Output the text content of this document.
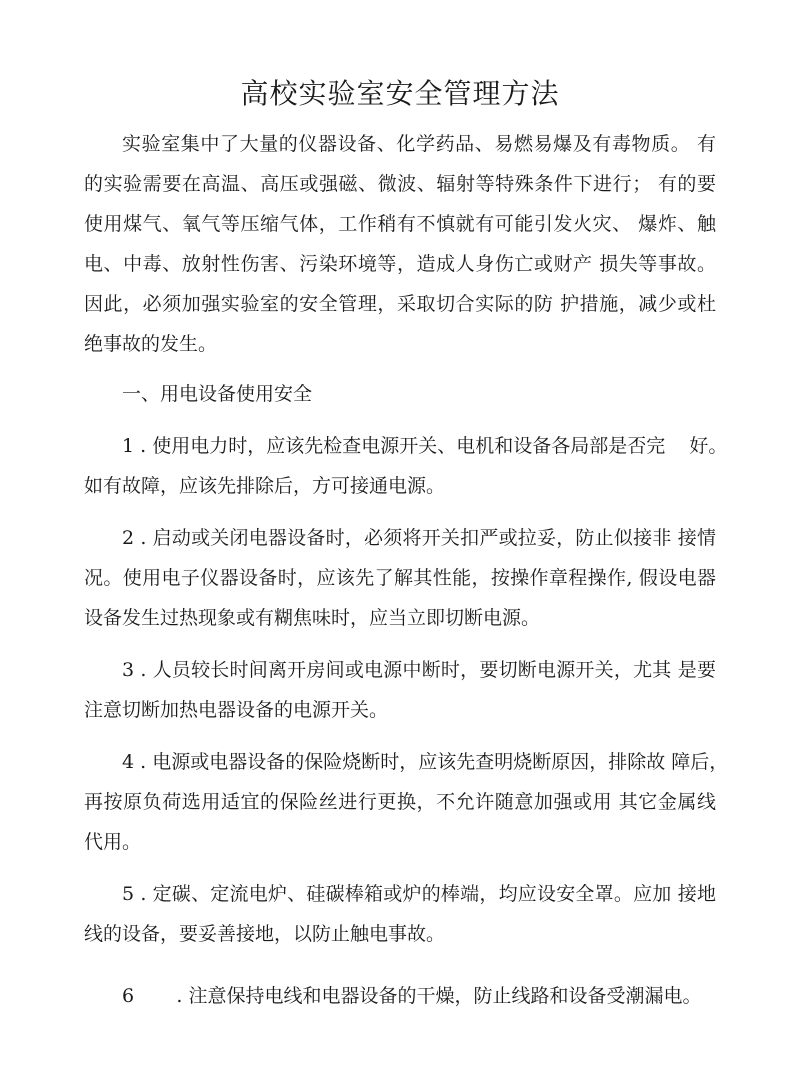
高校实验室安全管理方法
实验室集中了大量的仪器设备、化学药品、易燃易爆及有毒物质。 有
的实验需要在高温、高压或强磁、微波、辐射等特殊条件下进行； 有的要
使用煤气、氧气等压缩气体，工作稍有不慎就有可能引发火灾、 爆炸、触
电、中毒、放射性伤害、污染环境等，造成人身伤亡或财产 损失等事故。
因此，必须加强实验室的安全管理，采取切合实际的防 护措施，减少或杜
绝事故的发生。
一、用电设备使用安全
1 . 使用电力时，应该先检查电源开关、电机和设备各局部是否完    好。
如有故障，应该先排除后，方可接通电源。
2 . 启动或关闭电器设备时，必须将开关扣严或拉妥，防止似接非 接情
况。使用电子仪器设备时，应该先了解其性能，按操作章程操作, 假设电器
设备发生过热现象或有糊焦味时，应当立即切断电源。
3 . 人员较长时间离开房间或电源中断时，要切断电源开关，尤其 是要
注意切断加热电器设备的电源开关。
4 . 电源或电器设备的保险烧断时，应该先查明烧断原因，排除故 障后，
再按原负荷选用适宜的保险丝进行更换，不允许随意加强或用 其它金属线
代用。
5 . 定碳、定流电炉、硅碳棒箱或炉的棒端，均应设安全罩。应加 接地
线的设备，要妥善接地，以防止触电事故。
6       . 注意保持电线和电器设备的干燥，防止线路和设备受潮漏电。
